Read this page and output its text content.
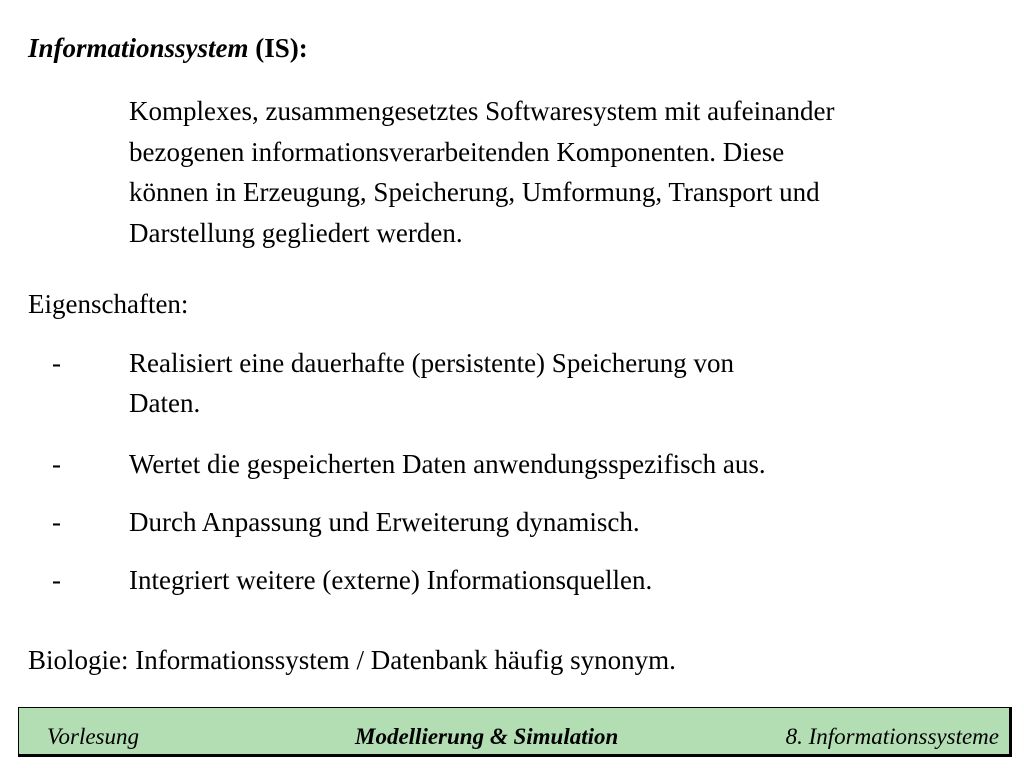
Informationssystem (IS):
Komplexes, zusammengesetztes Softwaresystem mit aufeinander
bezogenen informationsverarbeitenden Komponenten. Diese
können in Erzeugung, Speicherung, Umformung, Transport und
Darstellung gegliedert werden.
Eigenschaften:
-	Realisiert eine dauerhafte (persistente) Speicherung von
Daten.
-	Wertet die gespeicherten Daten anwendungsspezifisch aus.
-	Durch Anpassung und Erweiterung dynamisch.
-	Integriert weitere (externe) Informationsquellen.
Biologie: Informationssystem / Datenbank häufig synonym.
Vorlesung	Modellierung & Simulation	8. Informationssysteme
